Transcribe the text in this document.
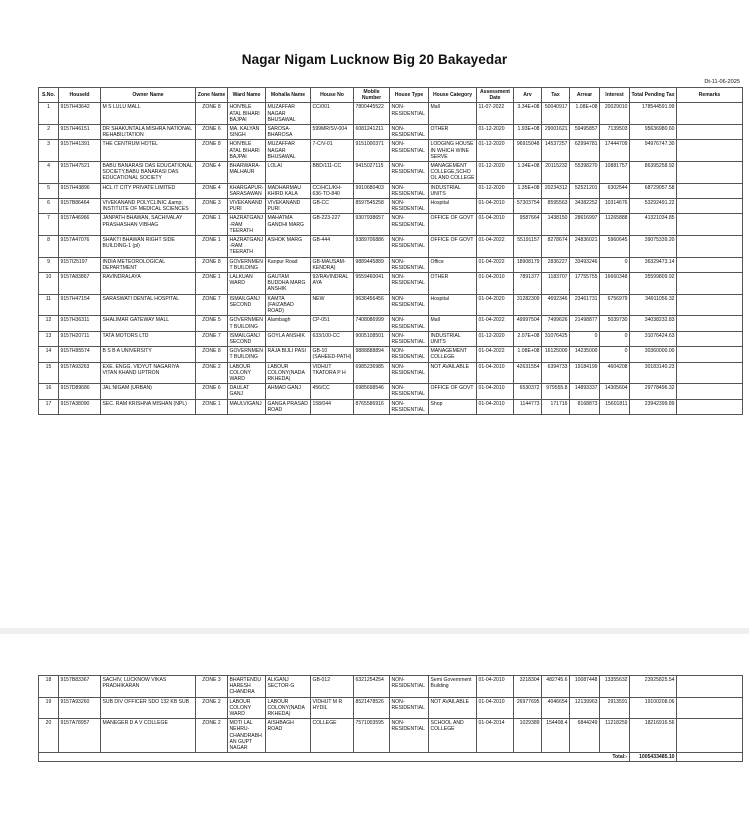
Nagar Nigam Lucknow Big 20 Bakayedar
Dt-11-06-2025
S.No.	HouseId	Owner Name	Zone Name	Ward Name	Mohalla Name	House No	Mobile Number	House Type	House Category	Assessment Date	Arv	Tax	Arrear	Interest	Total Pending Tax	Remarks
1	9157H43642	M S LULU MALL	ZONE 8	HON'BLE ATAL BIHARI BAJPAI	MUZAFFAR NAGAR BHUSAWAL	CC/001	7800445522	NON-RESIDENTIAL	Mall	11-07-2022	3.34E+08	50040917	1.08E+08	20029010	178544591.99	
2	9157H46151	DR SHAKUNTALA MISHRA NATIONAL REHABILITATION	ZONE 6	MA. KALYAN SINGH	SAROSA-BHAROSA	599MR/SV-004	6081241211	NON-RESIDENTIAL	OTHER	01-12-2020	1.93E+08	29001621	59495857	7139503	95636980.60	
3	9157H41391	THE CENTRUM HOTEL	ZONE 8	HON'BLE ATAL BIHARI BAJPAI	MUZAFFAR NAGAR BHUSAWAL	7-C/V-01	9151000371	NON-RESIDENTIAL	LODGING HOUSE IN WHICH WINE SERVE	01-12-2020	96915048	14537257	62994781	17444709	94976747.30	
4	9157H47521	BABU BANARASI DAS EDUCATIONAL SOCIETY,BABU BANARASI DAS EDUCATIONAL SOCIETY	ZONE 4	BHARWARA-MALHAUR	LOLAI	BBD/111-CC	9415027115	NON-RESIDENTIAL	MANAGEMENT COLLEGE,SCHOOL AND COLLEGE	01-12-2020	1.34E+08	20115232	55398270	10881757	86395258.92	
5	9157H43896	HCL IT CITY PRIVATE LIMITED	ZONE 4	KHARGAPUR-SARASAWAN	MADHARMAU KHIRD KALA	CC/HCL/KH-636-TO-840	9910680403	NON-RESIDENTIAL	INDUSTRIAL UNITS	01-12-2020	1.35E+08	20234312	52521201	6302544	68729057.58	
6	9157B86464	VIVEKANAND POLYCLINIC &amp; INSTITUTE OF MEDICAL SCIENCES	ZONE 3	VIVEKANAND PURI	VIVEKANAND PURI	GB-CC	8597545258	NON-RESIDENTIAL	Hospital	01-04-2010	57303754	8595563	34382252	10314676	53292491.22	
7	9157A46966	JANPATH BHAWAN, SACHIVALAY PRASHASHAN VIBHAG	ZONE 1	HAZRATGANJ-RAM TEERATH	MAHATMA GANDHI MARG	GB-223-227	9307938657	NON-RESIDENTIAL	OFFICE OF GOVT	01-04-2010	9587664	1438150	28616997	11265888	41321034.85	
8	9157A47076	SHAKTI BHAWAN RIGHT SIDE BUILDING-1 (pl)	ZONE 1	HAZRATGANJ-RAM TEERATH	ASHOK MARG	GB-444	9389706886	NON-RESIDENTIAL	OFFICE OF GOVT	01-04-2022	55191157	8278674	24836021	5960645	39075339.20	
9	9157I25197	INDIA METEOROLOGICAL DEPARTMENT	ZONE 8	GOVERNMENT BUILDING	Kanpur Road	GB-MAUSAM-KENDRA)	9889445889	NON-RESIDENTIAL	Office	01-04-2022	18908179	2836227	33493246	0	36329473.14	
10	9157A83867	RAVINDRALAYA	ZONE 1	LALKUAN WARD	GAUTAM BUDDHA MARG ANSHIK	92/RAVINDRALAYA	9559460041	NON-RESIDENTIAL	OTHER	01-04-2010	7891377	1183707	17755755	16660348	35599809.92	
11	9157H47154	SARASWATI DENTAL HOSPITAL	ZONE 7	ISMAILGANJ SECOND	KAMTA (FAIZABAD ROAD)	NEW	9636456456	NON-RESIDENTIAL	Hospital	01-04-2020	31282309	4692346	23461731	6756979	34911056.32	
12	9157H36311	SHALIMAR GATEWAY MALL	ZONE 5	GOVERNMENT BUILDING	Alambagh	CP-051	7408086999	NON-RESIDENTIAL	Mall	01-04-2022	49997504	7499626	21498877	5039730	34038232.83	
13	9157H20711	TATA MOTORS LTD	ZONE 7	ISMAILGANJ SECOND	GOYLA ANSHIK	633/100-CC	9005108501	NON-RESIDENTIAL	INDUSTRIAL UNITS	01-12-2020	2.07E+08	31076425	0	0	31076424.63	
14	9157H95574	B S B A UNIVERSITY	ZONE 8	GOVERNMENT BUILDING	RAJA BIJLI PASI	GB-10 (SAHEED-PATH)	9888888894	NON-RESIDENTIAL	MANAGEMENT COLLEGE	01-04-2022	1.08E+08	16125000	14235000	0	30360000.00	
15	9157A93263	EXE. ENGG. VIDYUT NAGARIYA VITAN KHAND UPTRON	ZONE 2	LABOUR COLONY WARD	LABOUR COLONY(NADARKHEDA)	VIDHUT TKATORA P H	6985236985	NON-RESIDENTIAL	NOT AVAILABLE	01-04-2010	42631554	6394733	19184199	4604208	30183140.23	
16	9157D89686	JAL NIGAM (URBAN)	ZONE 6	DAULAT GANJ	AHMAD GANJ	456/CC	6985698546	NON-RESIDENTIAL	OFFICE OF GOVT	01-04-2010	6530372	979555.8	14893337	14305604	29778496.32	
17	9157A38090	SEC. RAM KRISHNA MISHAN (NPL)	ZONE 1	MAULVIGANJ	GANGA PRASAD ROAD	158/044	8765586916	NON-RESIDENTIAL	Shop	01-04-2010	1144773	171716	8168873	15601811	23942399.89	
18	9157B83367	SACHIV, LUCKNOW VIKAS PRADHIKARAN	ZONE 3	BHARTENDU HARESH CHANDRA	ALIGANJ SECTOR-G	GB-012	6321254254	NON-RESIDENTIAL	Semi Government Building	01-04-2010	3218304	482745.6	10087448	13355632	23925825.54	
19	9157A93260	SUB DIV OFFICER SDO 132 KB SUB	ZONE 2	LABOUR COLONY WARD	LABOUR COLONY(NADARKHEDA)	VIDHUT M R HYDIL	8521478526	NON-RESIDENTIAL	NOT AVAILABLE	01-04-2010	26977695	4046654	12139963	2913591	19100208.06	
20	9157A78957	MANEGER D A V COLLEGE	ZONE 2	MOTI LAL NEHRU-CHANDRABHAN GUPT NAGAR	AISHBAGH ROAD	COLLEGE	7571003595	NON-RESIDENTIAL	SCHOOL AND COLLEGE	01-04-2014	1029389	154408.4	6844249	11218259	18216916.56	
Total:-															1005433485.10	
